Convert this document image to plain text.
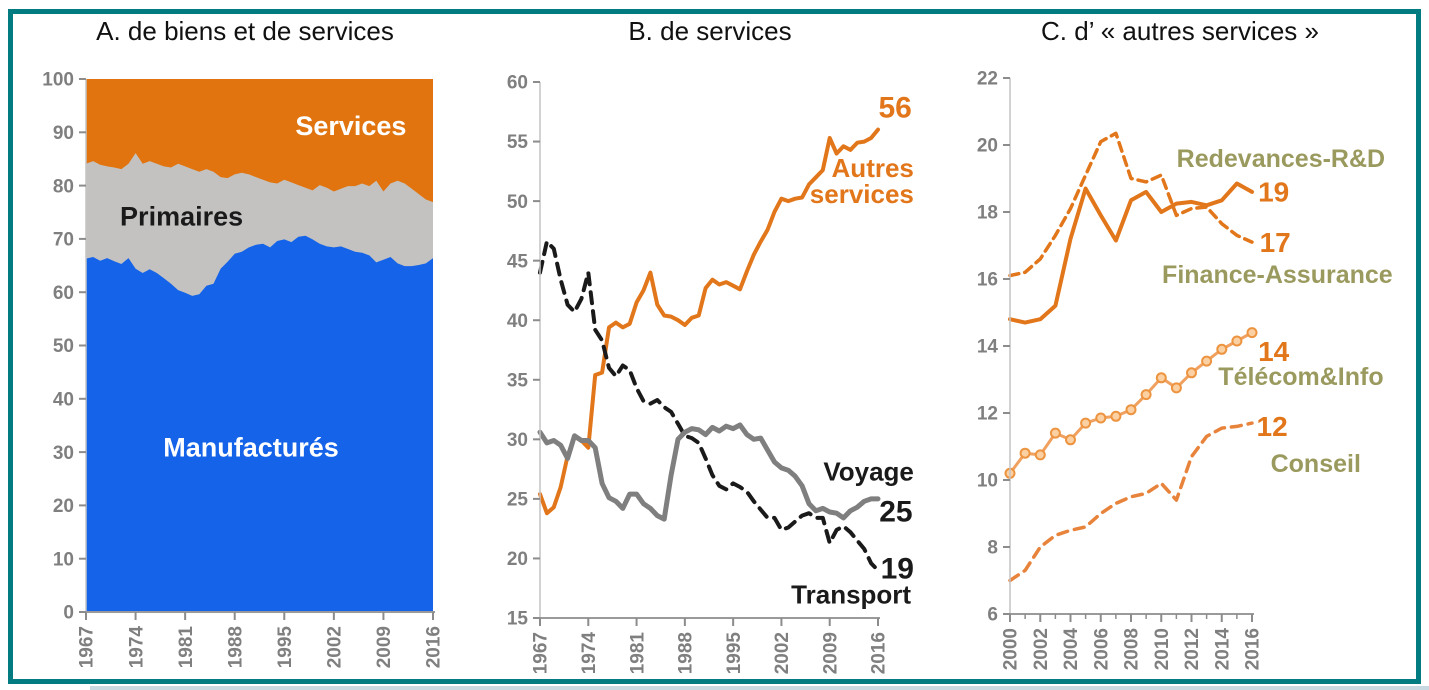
A. de biens et de services	B. de services	C. d’ « autres services »
0
10
20
30
40
50
60
70
80
90
100
1967 1974 1981 1988 1995 2002 2009 2016
Services
Primaires
Manufacturés
15
20
25
30
35
40
45
50
55
60
1967 1974 1981 1988 1995 2002 2009 2016
56
Autres
services
Voyage
25
19
Transport
6
8
10
12
14
16
18
20
22
2000 2002 2004 2006 2008 2010 2012 2014 2016
Redevances-R&D
19
17
Finance-Assurance
14
Télécom&Info
12
Conseil
